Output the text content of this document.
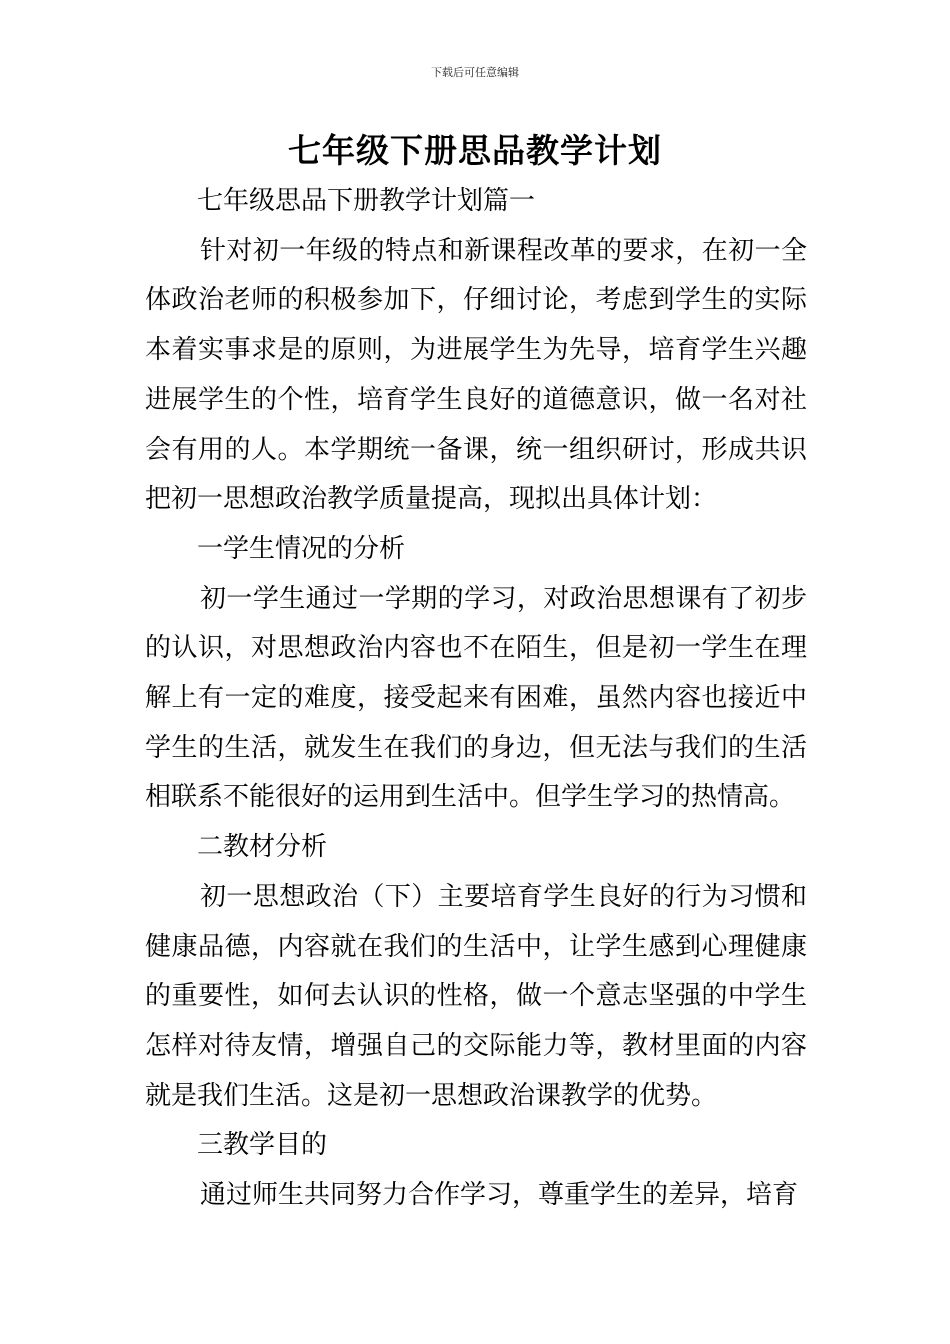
下载后可任意编辑
七年级下册思品教学计划

七年级思品下册教学计划篇一

针对初一年级的特点和新课程改革的要求，在初一全体政治老师的积极参加下，仔细讨论，考虑到学生的实际本着实事求是的原则，为进展学生为先导，培育学生兴趣进展学生的个性，培育学生良好的道德意识，做一名对社会有用的人。本学期统一备课，统一组织研讨，形成共识把初一思想政治教学质量提高，现拟出具体计划：

一学生情况的分析

初一学生通过一学期的学习，对政治思想课有了初步的认识，对思想政治内容也不在陌生，但是初一学生在理解上有一定的难度，接受起来有困难，虽然内容也接近中学生的生活，就发生在我们的身边，但无法与我们的生活相联系不能很好的运用到生活中。但学生学习的热情高。

二教材分析

初一思想政治（下）主要培育学生良好的行为习惯和健康品德，内容就在我们的生活中，让学生感到心理健康的重要性，如何去认识的性格，做一个意志坚强的中学生怎样对待友情，增强自己的交际能力等，教材里面的内容就是我们生活。这是初一思想政治课教学的优势。

三教学目的

通过师生共同努力合作学习，尊重学生的差异，培育
